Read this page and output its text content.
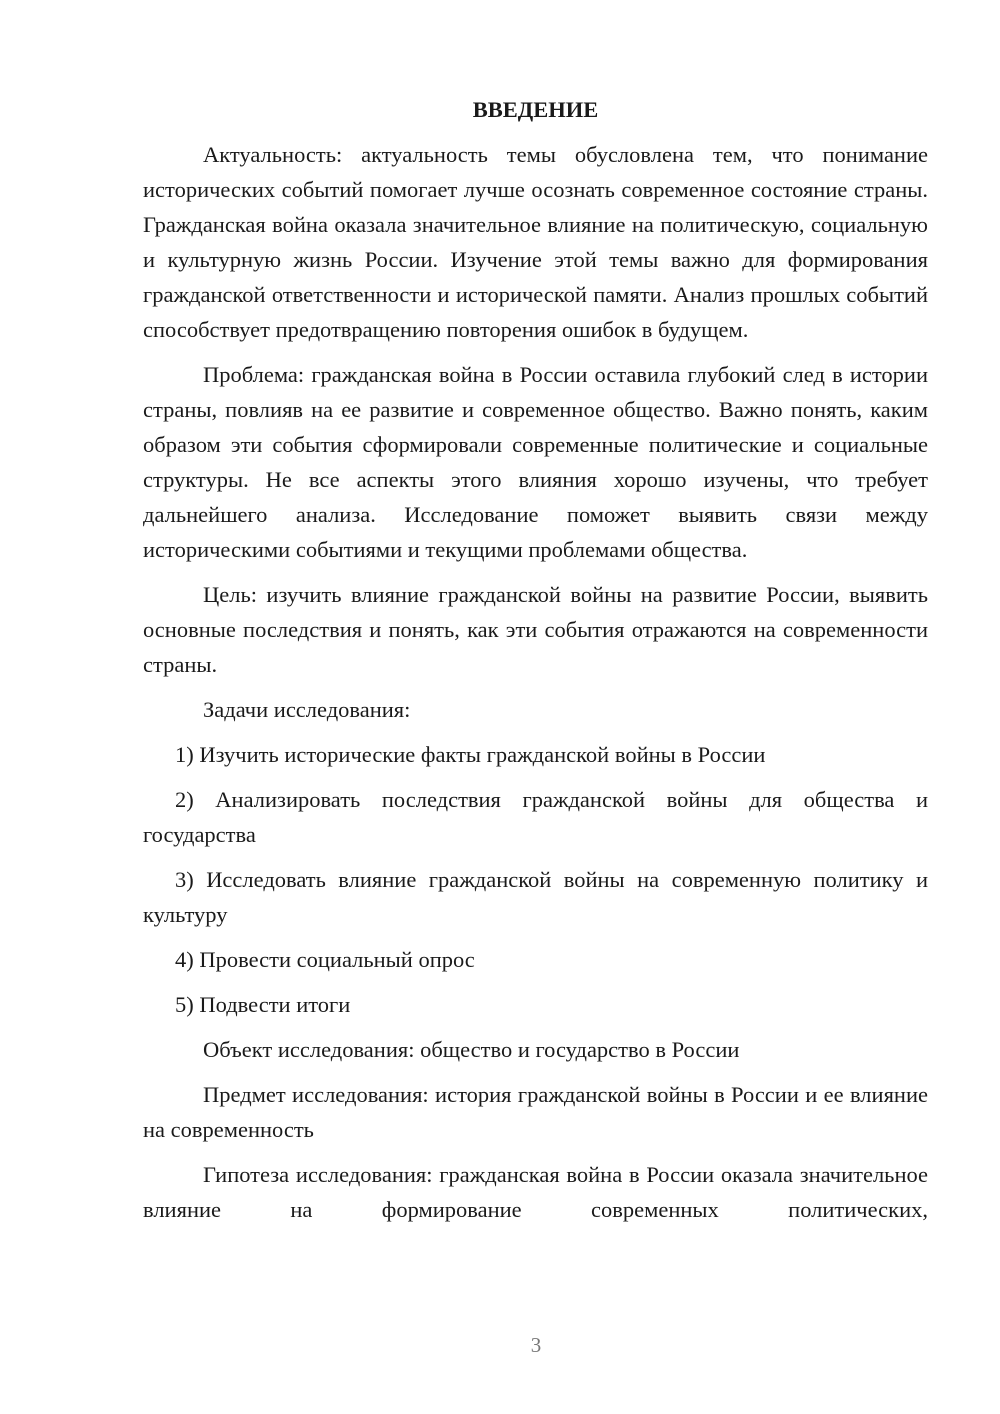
ВВЕДЕНИЕ

Актуальность: актуальность темы обусловлена тем, что понимание исторических событий помогает лучше осознать современное состояние страны. Гражданская война оказала значительное влияние на политическую, социальную и культурную жизнь России. Изучение этой темы важно для формирования гражданской ответственности и исторической памяти. Анализ прошлых событий способствует предотвращению повторения ошибок в будущем.

Проблема: гражданская война в России оставила глубокий след в истории страны, повлияв на ее развитие и современное общество. Важно понять, каким образом эти события сформировали современные политические и социальные структуры. Не все аспекты этого влияния хорошо изучены, что требует дальнейшего анализа. Исследование поможет выявить связи между историческими событиями и текущими проблемами общества.

Цель: изучить влияние гражданской войны на развитие России, выявить основные последствия и понять, как эти события отражаются на современности страны.

Задачи исследования:

1) Изучить исторические факты гражданской войны в России

2) Анализировать последствия гражданской войны для общества и государства

3) Исследовать влияние гражданской войны на современную политику и культуру

4) Провести социальный опрос

5) Подвести итоги

Объект исследования: общество и государство в России

Предмет исследования: история гражданской войны в России и ее влияние на современность

Гипотеза исследования: гражданская война в России оказала значительное влияние на формирование современных политических,

3
